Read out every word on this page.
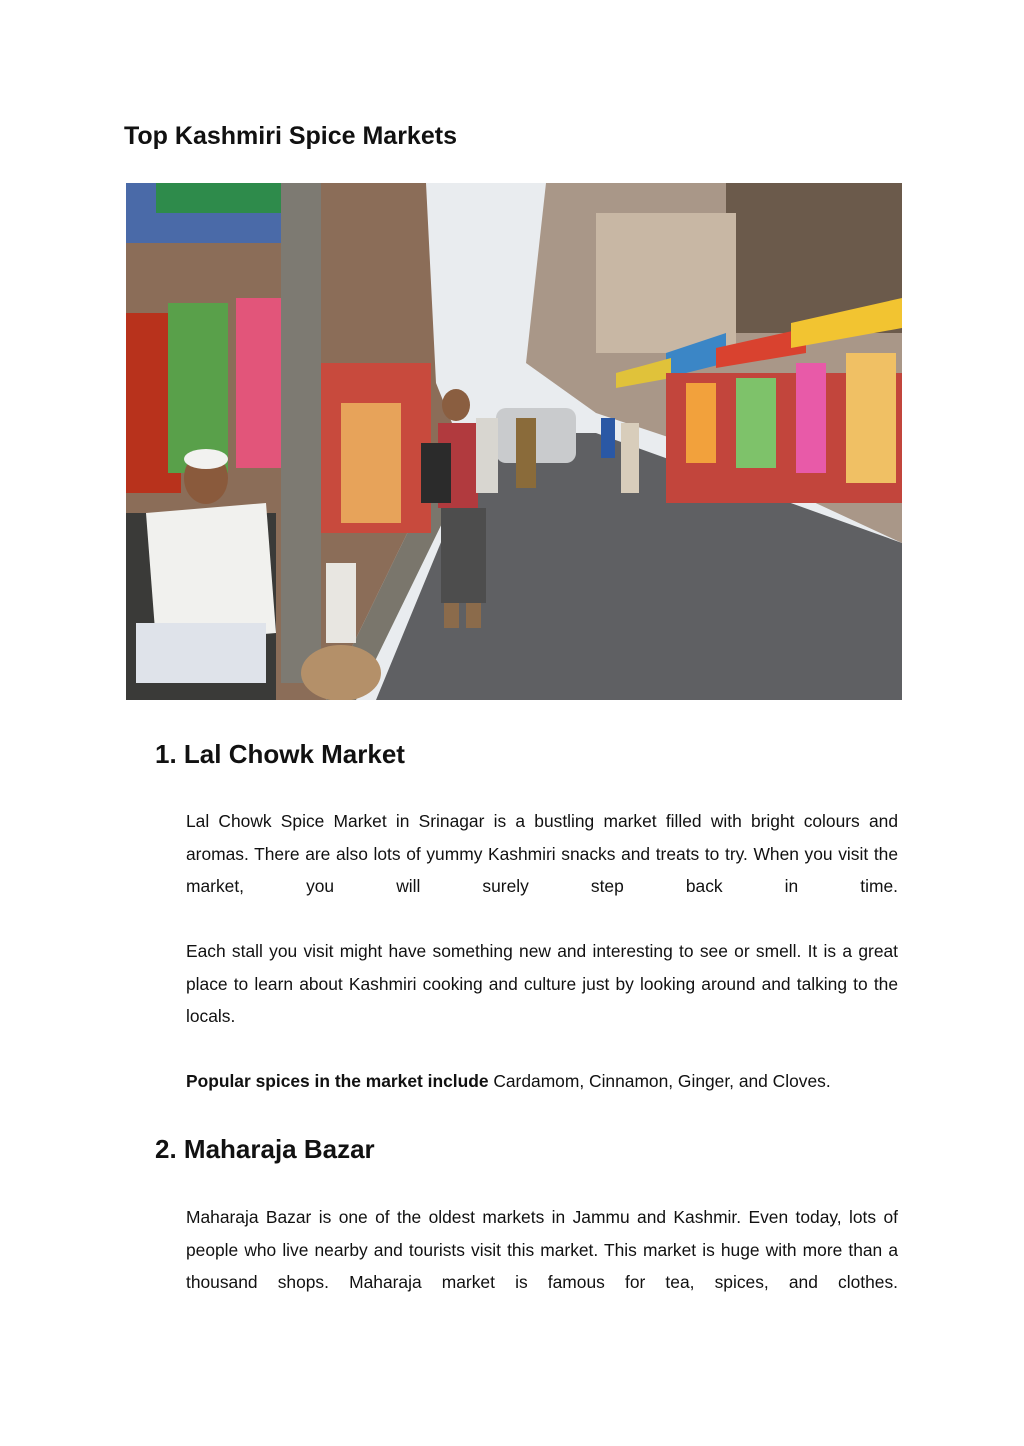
Top Kashmiri Spice Markets
1. Lal Chowk Market

Lal Chowk Spice Market in Srinagar is a bustling market filled with bright colours and aromas. There are also lots of yummy Kashmiri snacks and treats to try. When you visit the market, you will surely step back in time.

Each stall you visit might have something new and interesting to see or smell. It is a great place to learn about Kashmiri cooking and culture just by looking around and talking to the locals.

Popular spices in the market include Cardamom, Cinnamon, Ginger, and Cloves.

2. Maharaja Bazar

Maharaja Bazar is one of the oldest markets in Jammu and Kashmir. Even today, lots of people who live nearby and tourists visit this market. This market is huge with more than a thousand shops. Maharaja market is famous for tea, spices, and clothes.
